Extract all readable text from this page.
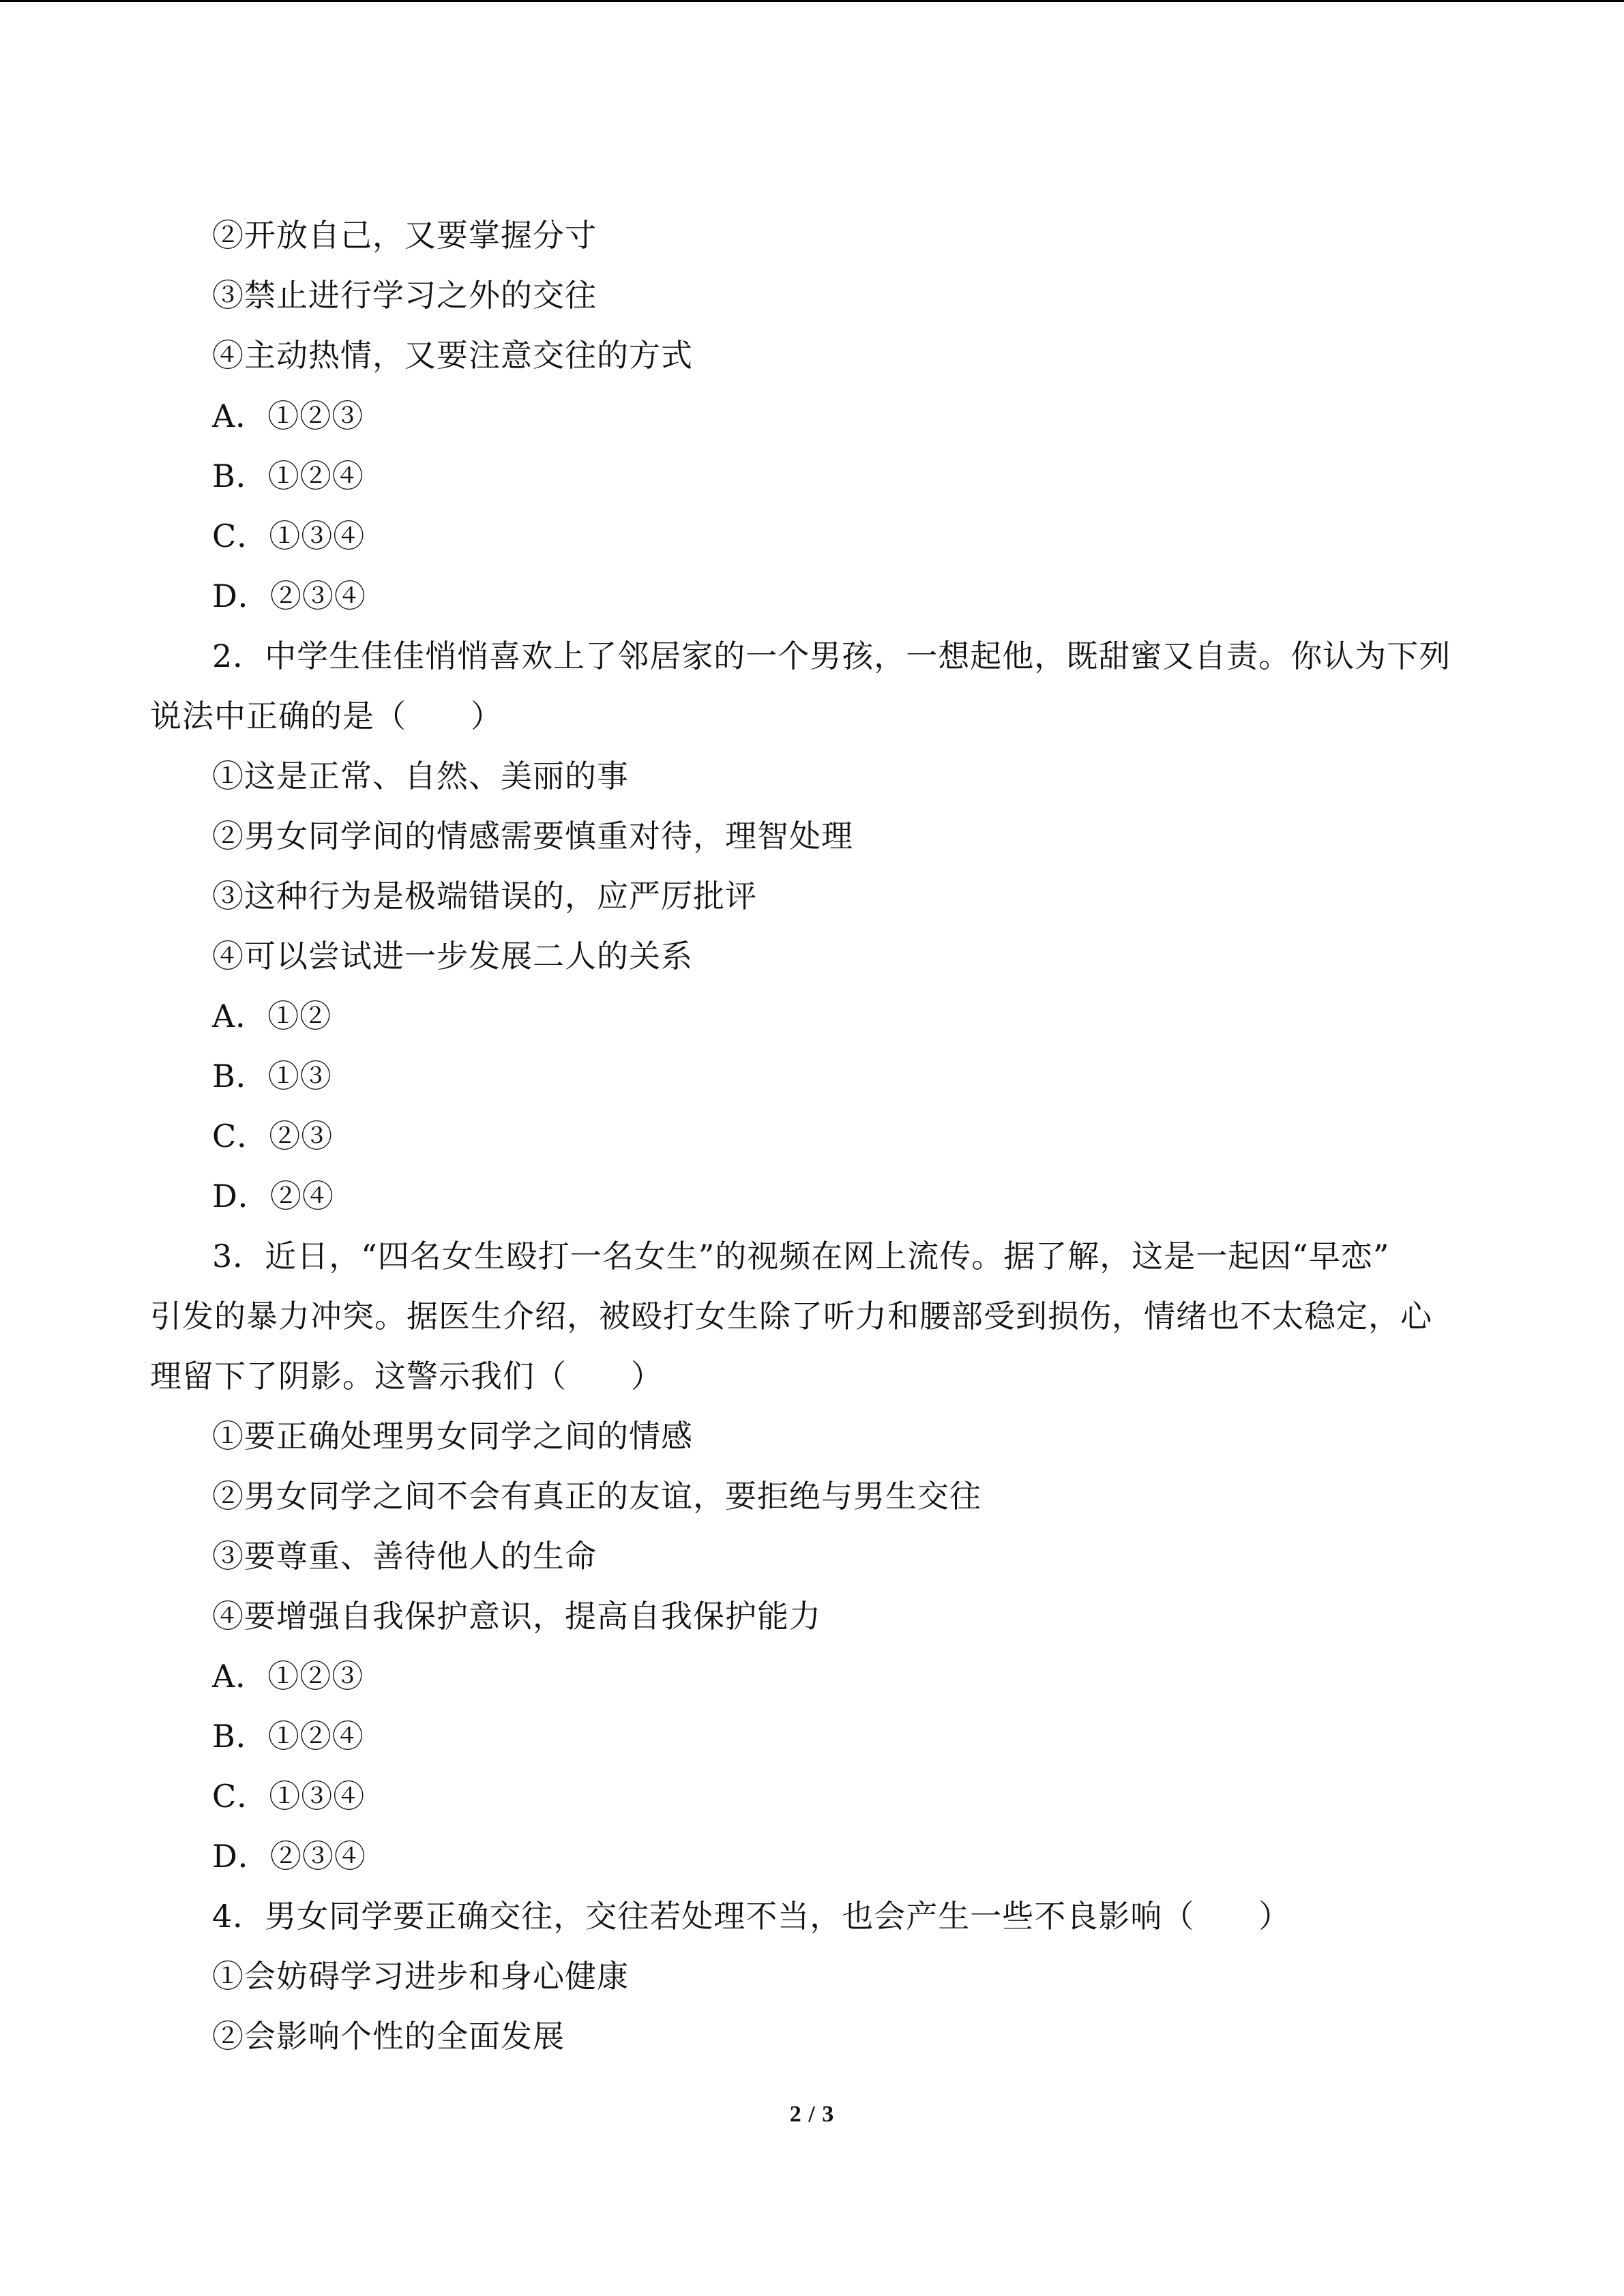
②开放自己，又要掌握分寸
③禁止进行学习之外的交往
④主动热情，又要注意交往的方式
A．①②③
B．①②④
C．①③④
D．②③④
2．中学生佳佳悄悄喜欢上了邻居家的一个男孩，一想起他，既甜蜜又自责。你认为下列
说法中正确的是（　　）
①这是正常、自然、美丽的事
②男女同学间的情感需要慎重对待，理智处理
③这种行为是极端错误的，应严厉批评
④可以尝试进一步发展二人的关系
A．①②
B．①③
C．②③
D．②④
3．近日，“四名女生殴打一名女生”的视频在网上流传。据了解，这是一起因“早恋”
引发的暴力冲突。据医生介绍，被殴打女生除了听力和腰部受到损伤，情绪也不太稳定，心
理留下了阴影。这警示我们（　　）
①要正确处理男女同学之间的情感
②男女同学之间不会有真正的友谊，要拒绝与男生交往
③要尊重、善待他人的生命
④要增强自我保护意识，提高自我保护能力
A．①②③
B．①②④
C．①③④
D．②③④
4．男女同学要正确交往，交往若处理不当，也会产生一些不良影响（　　）
①会妨碍学习进步和身心健康
②会影响个性的全面发展
2 / 3
